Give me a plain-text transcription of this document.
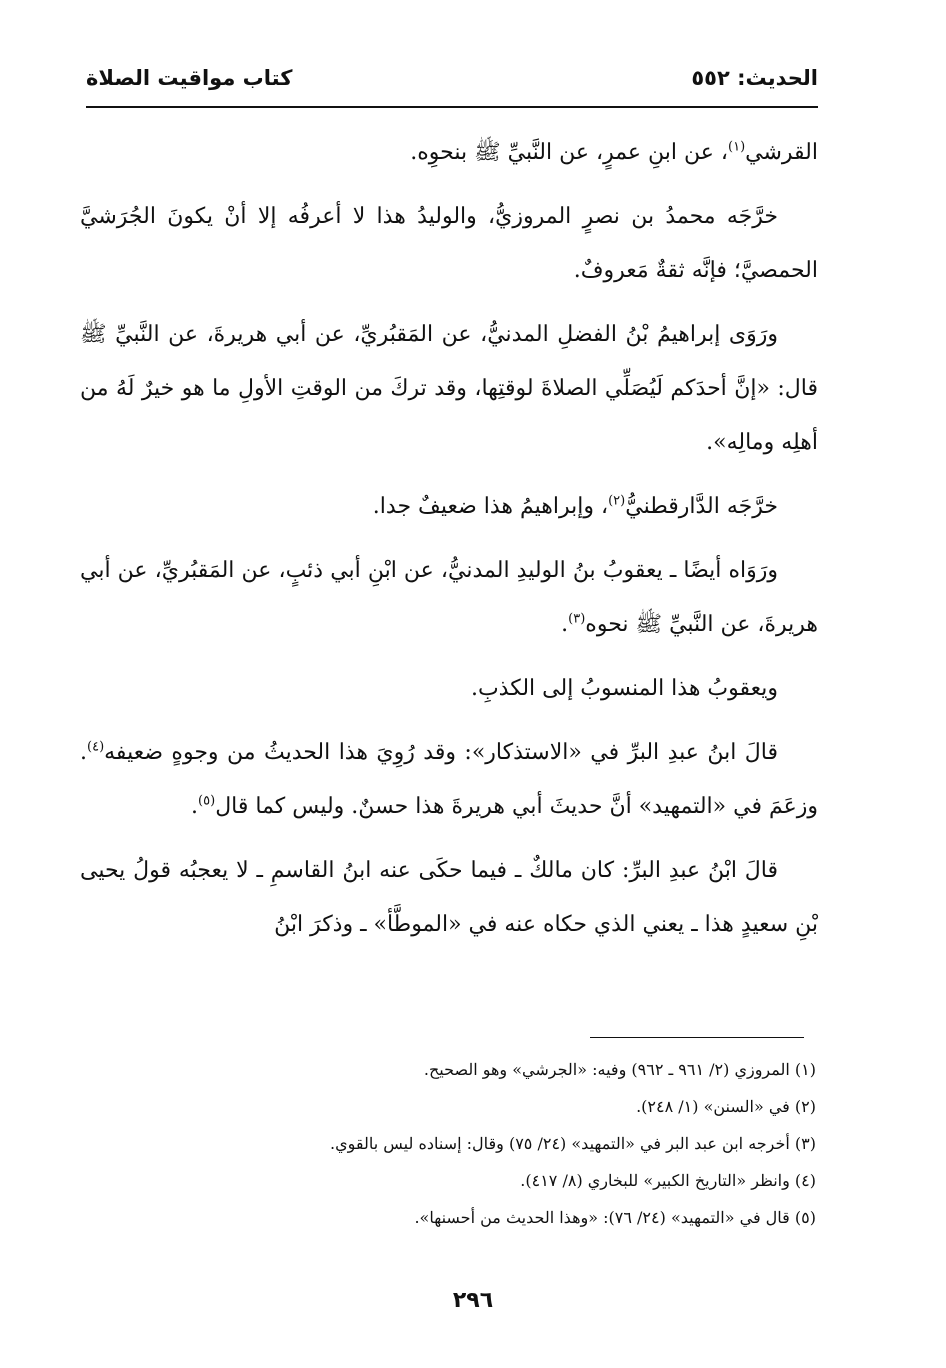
الحديث: ٥٥٢
كتاب مواقيت الصلاة

القرشي$^{(١)}$، عن ابنِ عمرٍ، عن النَّبيِّ ﷺ بنحوِه.

خرَّجَه محمدُ بن نصرٍ المروزيُّ، والوليدُ هذا لا أعرفُه إلا أنْ يكونَ الجُرَشيَّ الحمصيَّ؛ فإنَّه ثقةٌ مَعروفٌ.

ورَوَى إبراهيمُ بْنُ الفضلِ المدنيُّ، عن المَقبُريِّ، عن أبي هريرةَ، عن النَّبيِّ ﷺ قال: «إنَّ أحدَكم لَيُصَلِّي الصلاةَ لوقتِها، وقد تركَ من الوقتِ الأولِ ما هو خيرٌ لَهُ من أهلِه ومالِه».

خرَّجَه الدَّارقطنيُّ$^{(٢)}$، وإبراهيمُ هذا ضعيفٌ جدا.

ورَوَاه أيضًا ـ يعقوبُ بنُ الوليدِ المدنيُّ، عن ابْنِ أبي ذئبٍ، عن المَقبُريِّ، عن أبي هريرةَ، عن النَّبيِّ ﷺ نحوه$^{(٣)}$.

ويعقوبُ هذا المنسوبُ إلى الكذبِ.

قالَ ابنُ عبدِ البرِّ في «الاستذكار»: وقد رُوِيَ هذا الحديثُ من وجوهٍ ضعيفه$^{(٤)}$. وزعَمَ في «التمهيد» أنَّ حديثَ أبي هريرةَ هذا حسنٌ. وليس كما قال$^{(٥)}$.

قالَ ابْنُ عبدِ البرِّ: كان مالكٌ ـ فيما حكَى عنه ابنُ القاسمِ ـ لا يعجبُه قولُ يحيى بْنِ سعيدٍ هذا ـ يعني الذي حكاه عنه في «الموطَّأ» ـ وذكرَ ابْنُ

(١) المروزي (٢/ ٩٦١ ـ ٩٦٢) وفيه: «الجرشي» وهو الصحيح.
(٢) في «السنن» (١/ ٢٤٨).
(٣) أخرجه ابن عبد البر في «التمهيد» (٢٤/ ٧٥) وقال: إسناده ليس بالقوي.
(٤) وانظر «التاريخ الكبير» للبخاري (٨/ ٤١٧).
(٥) قال في «التمهيد» (٢٤/ ٧٦): «وهذا الحديث من أحسنها».
٢٩٦
